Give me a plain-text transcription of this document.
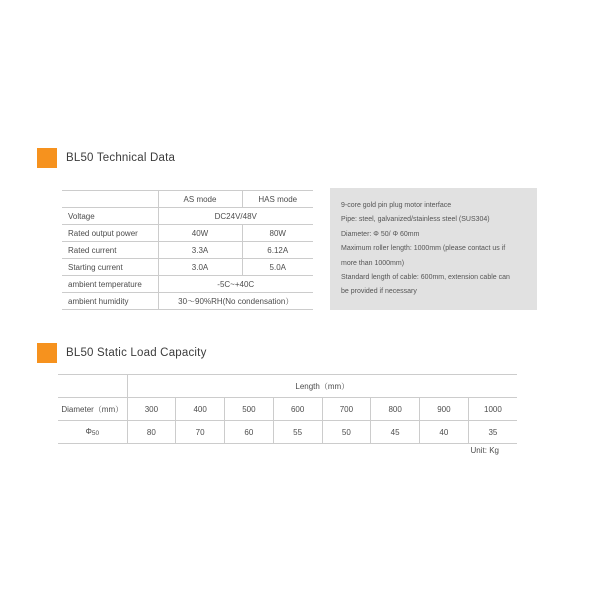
BL50 Technical Data
	AS mode	HAS mode
Voltage	DC24V/48V	
Rated output power	40W	80W
Rated current	3.3A	6.12A
Starting current	3.0A	5.0A
ambient temperature	-5C~+40C	
ambient humidity	30～90%RH(No condensation）	
9-core gold pin plug motor interface
Pipe: steel, galvanized/stainless steel (SUS304)
Diameter: Φ 50/ Φ 60mm
Maximum roller length: 1000mm (please contact us if
more than 1000mm)
Standard length of cable: 600mm, extension cable can
be provided if necessary
BL50 Static Load Capacity
	Length（mm）							
Diameter（mm）	300	400	500	600	700	800	900	1000
Φ50	80	70	60	55	50	45	40	35
Unit: Kg
